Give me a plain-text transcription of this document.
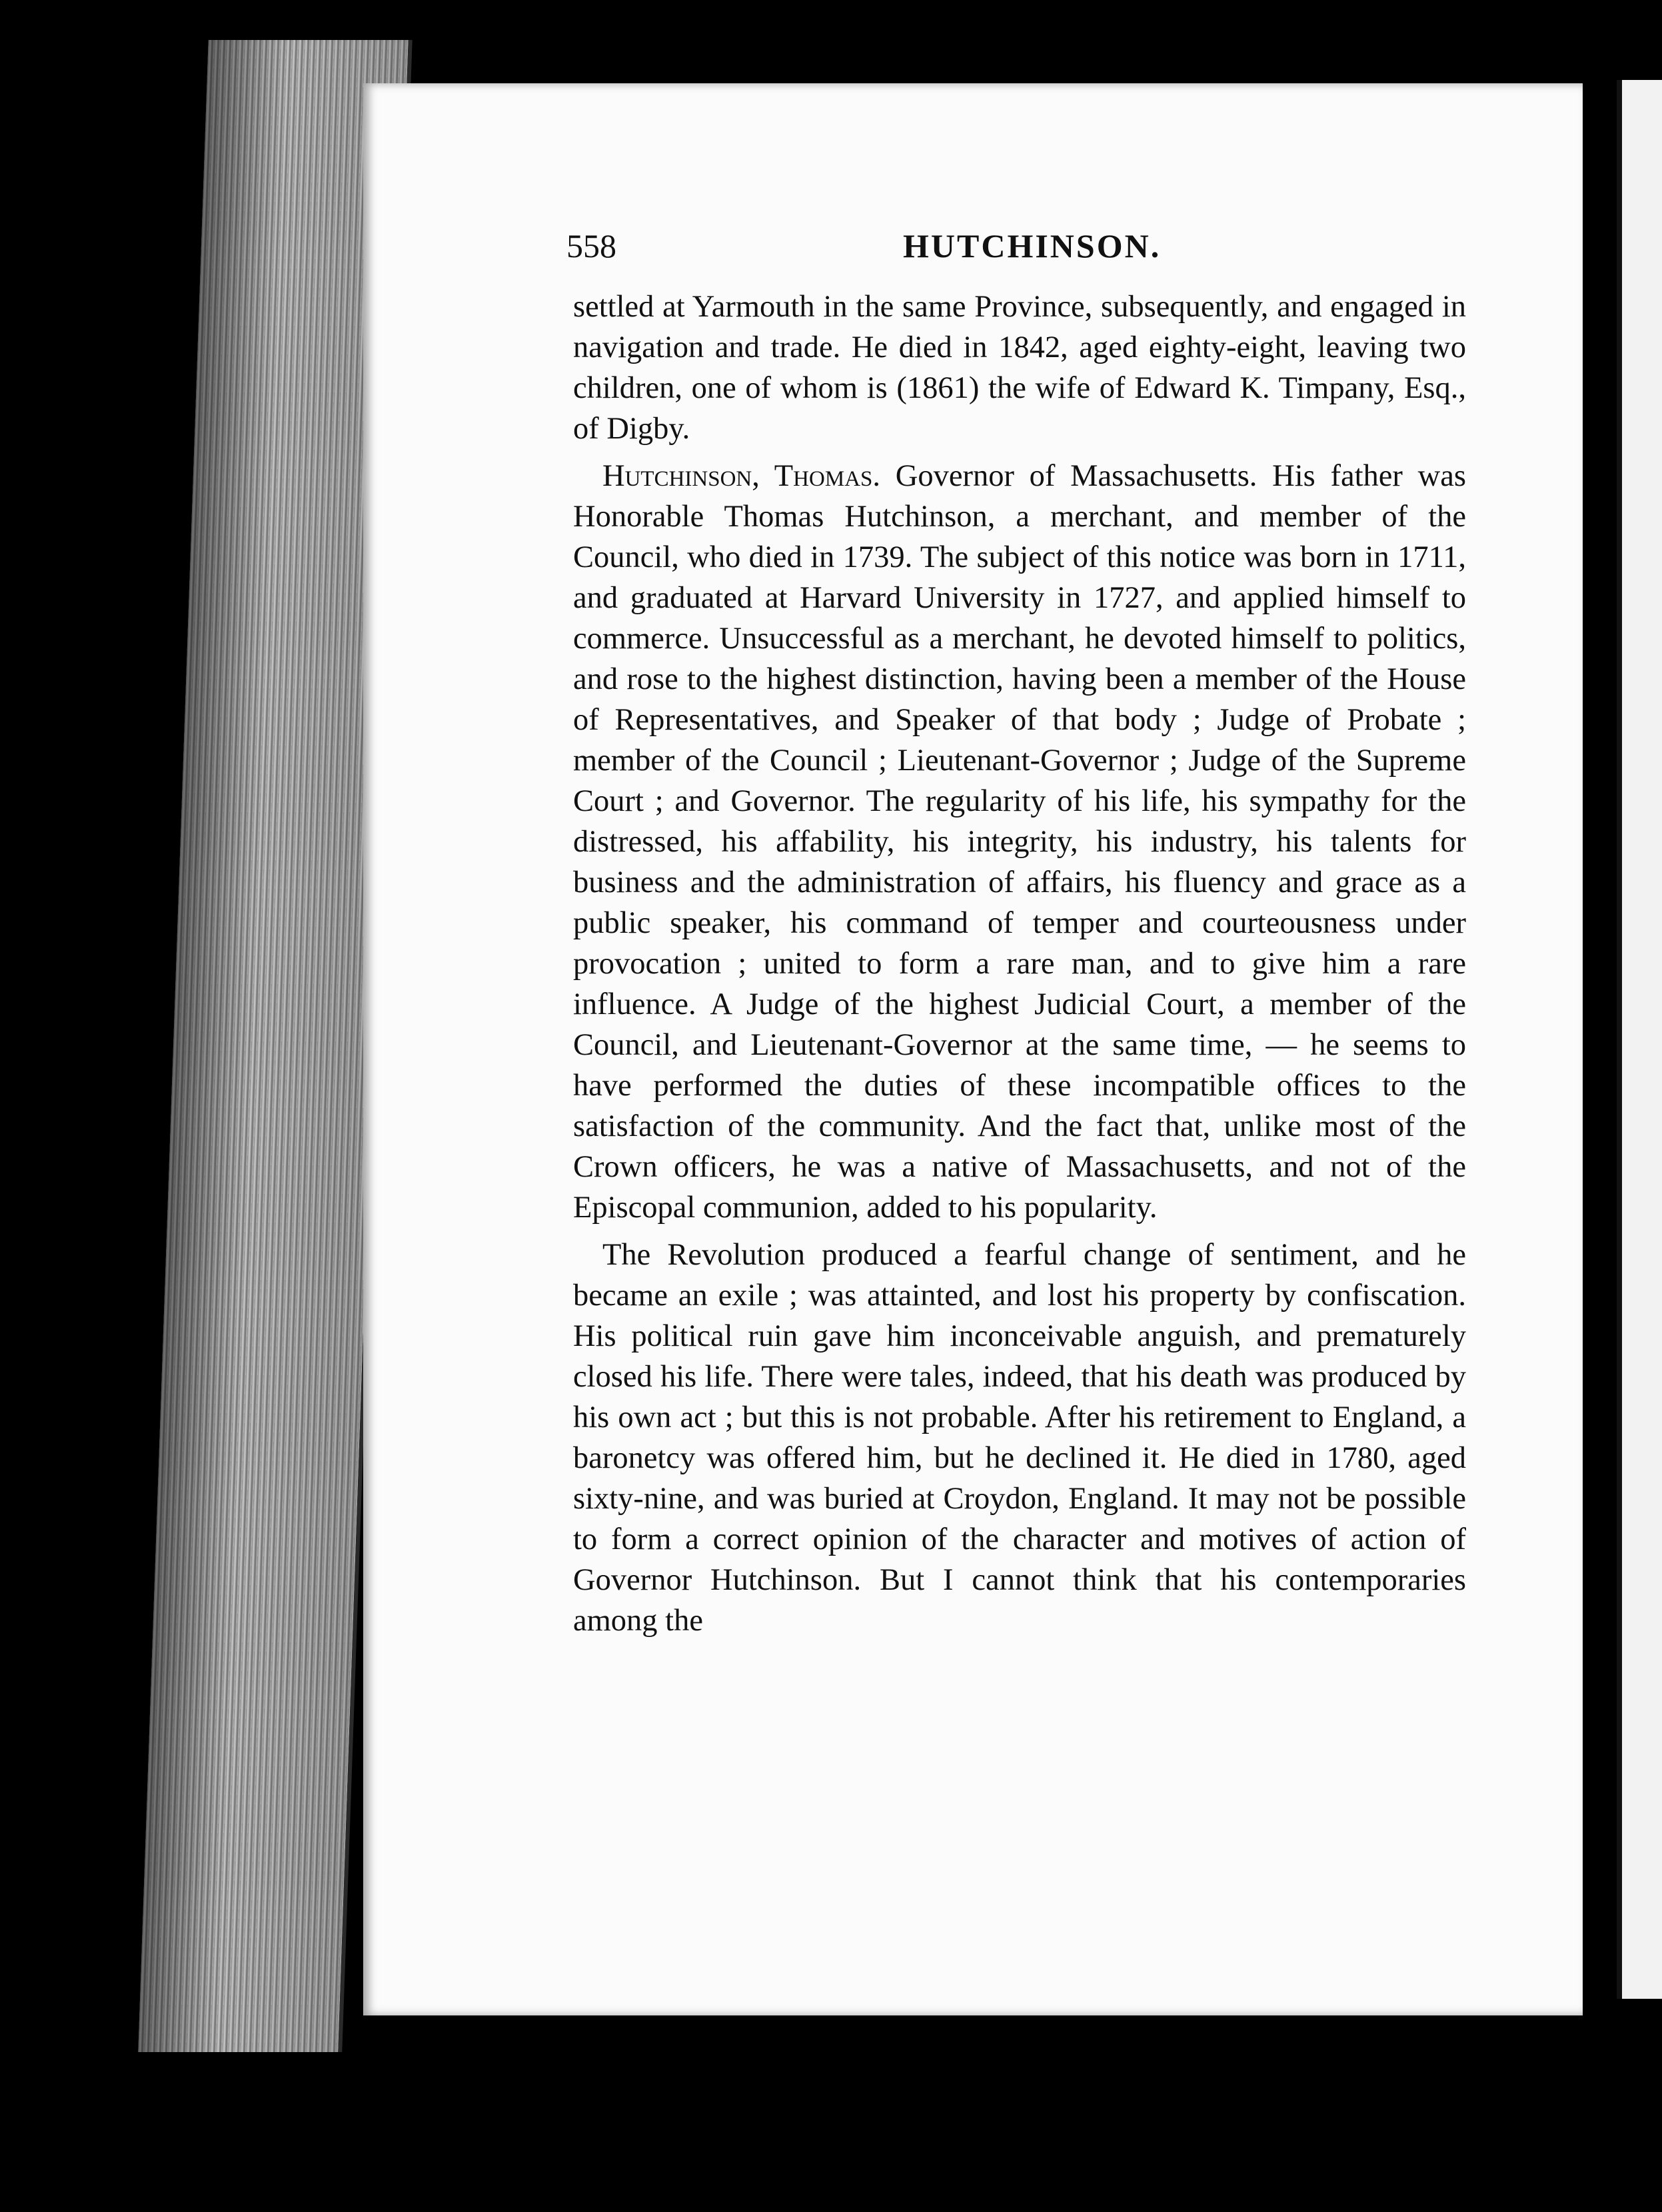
558	HUTCHINSON.

settled at Yarmouth in the same Province, subsequently, and engaged in navigation and trade. He died in 1842, aged eighty-eight, leaving two children, one of whom is (1861) the wife of Edward K. Timpany, Esq., of Digby.

Hutchinson, Thomas. Governor of Massachusetts. His father was Honorable Thomas Hutchinson, a merchant, and member of the Council, who died in 1739. The subject of this notice was born in 1711, and graduated at Harvard University in 1727, and applied himself to commerce. Unsuccessful as a merchant, he devoted himself to politics, and rose to the highest distinction, having been a member of the House of Representatives, and Speaker of that body ; Judge of Probate ; member of the Council ; Lieutenant-Governor ; Judge of the Supreme Court ; and Governor. The regularity of his life, his sympathy for the distressed, his affability, his integrity, his industry, his talents for business and the administration of affairs, his fluency and grace as a public speaker, his command of temper and courteousness under provocation ; united to form a rare man, and to give him a rare influence. A Judge of the highest Judicial Court, a member of the Council, and Lieutenant-Governor at the same time, — he seems to have performed the duties of these incompatible offices to the satisfaction of the community. And the fact that, unlike most of the Crown officers, he was a native of Massachusetts, and not of the Episcopal communion, added to his popularity.

The Revolution produced a fearful change of sentiment, and he became an exile ; was attainted, and lost his property by confiscation. His political ruin gave him inconceivable anguish, and prematurely closed his life. There were tales, indeed, that his death was produced by his own act ; but this is not probable. After his retirement to England, a baronetcy was offered him, but he declined it. He died in 1780, aged sixty-nine, and was buried at Croydon, England. It may not be possible to form a correct opinion of the character and motives of action of Governor Hutchinson. But I cannot think that his contemporaries among the
